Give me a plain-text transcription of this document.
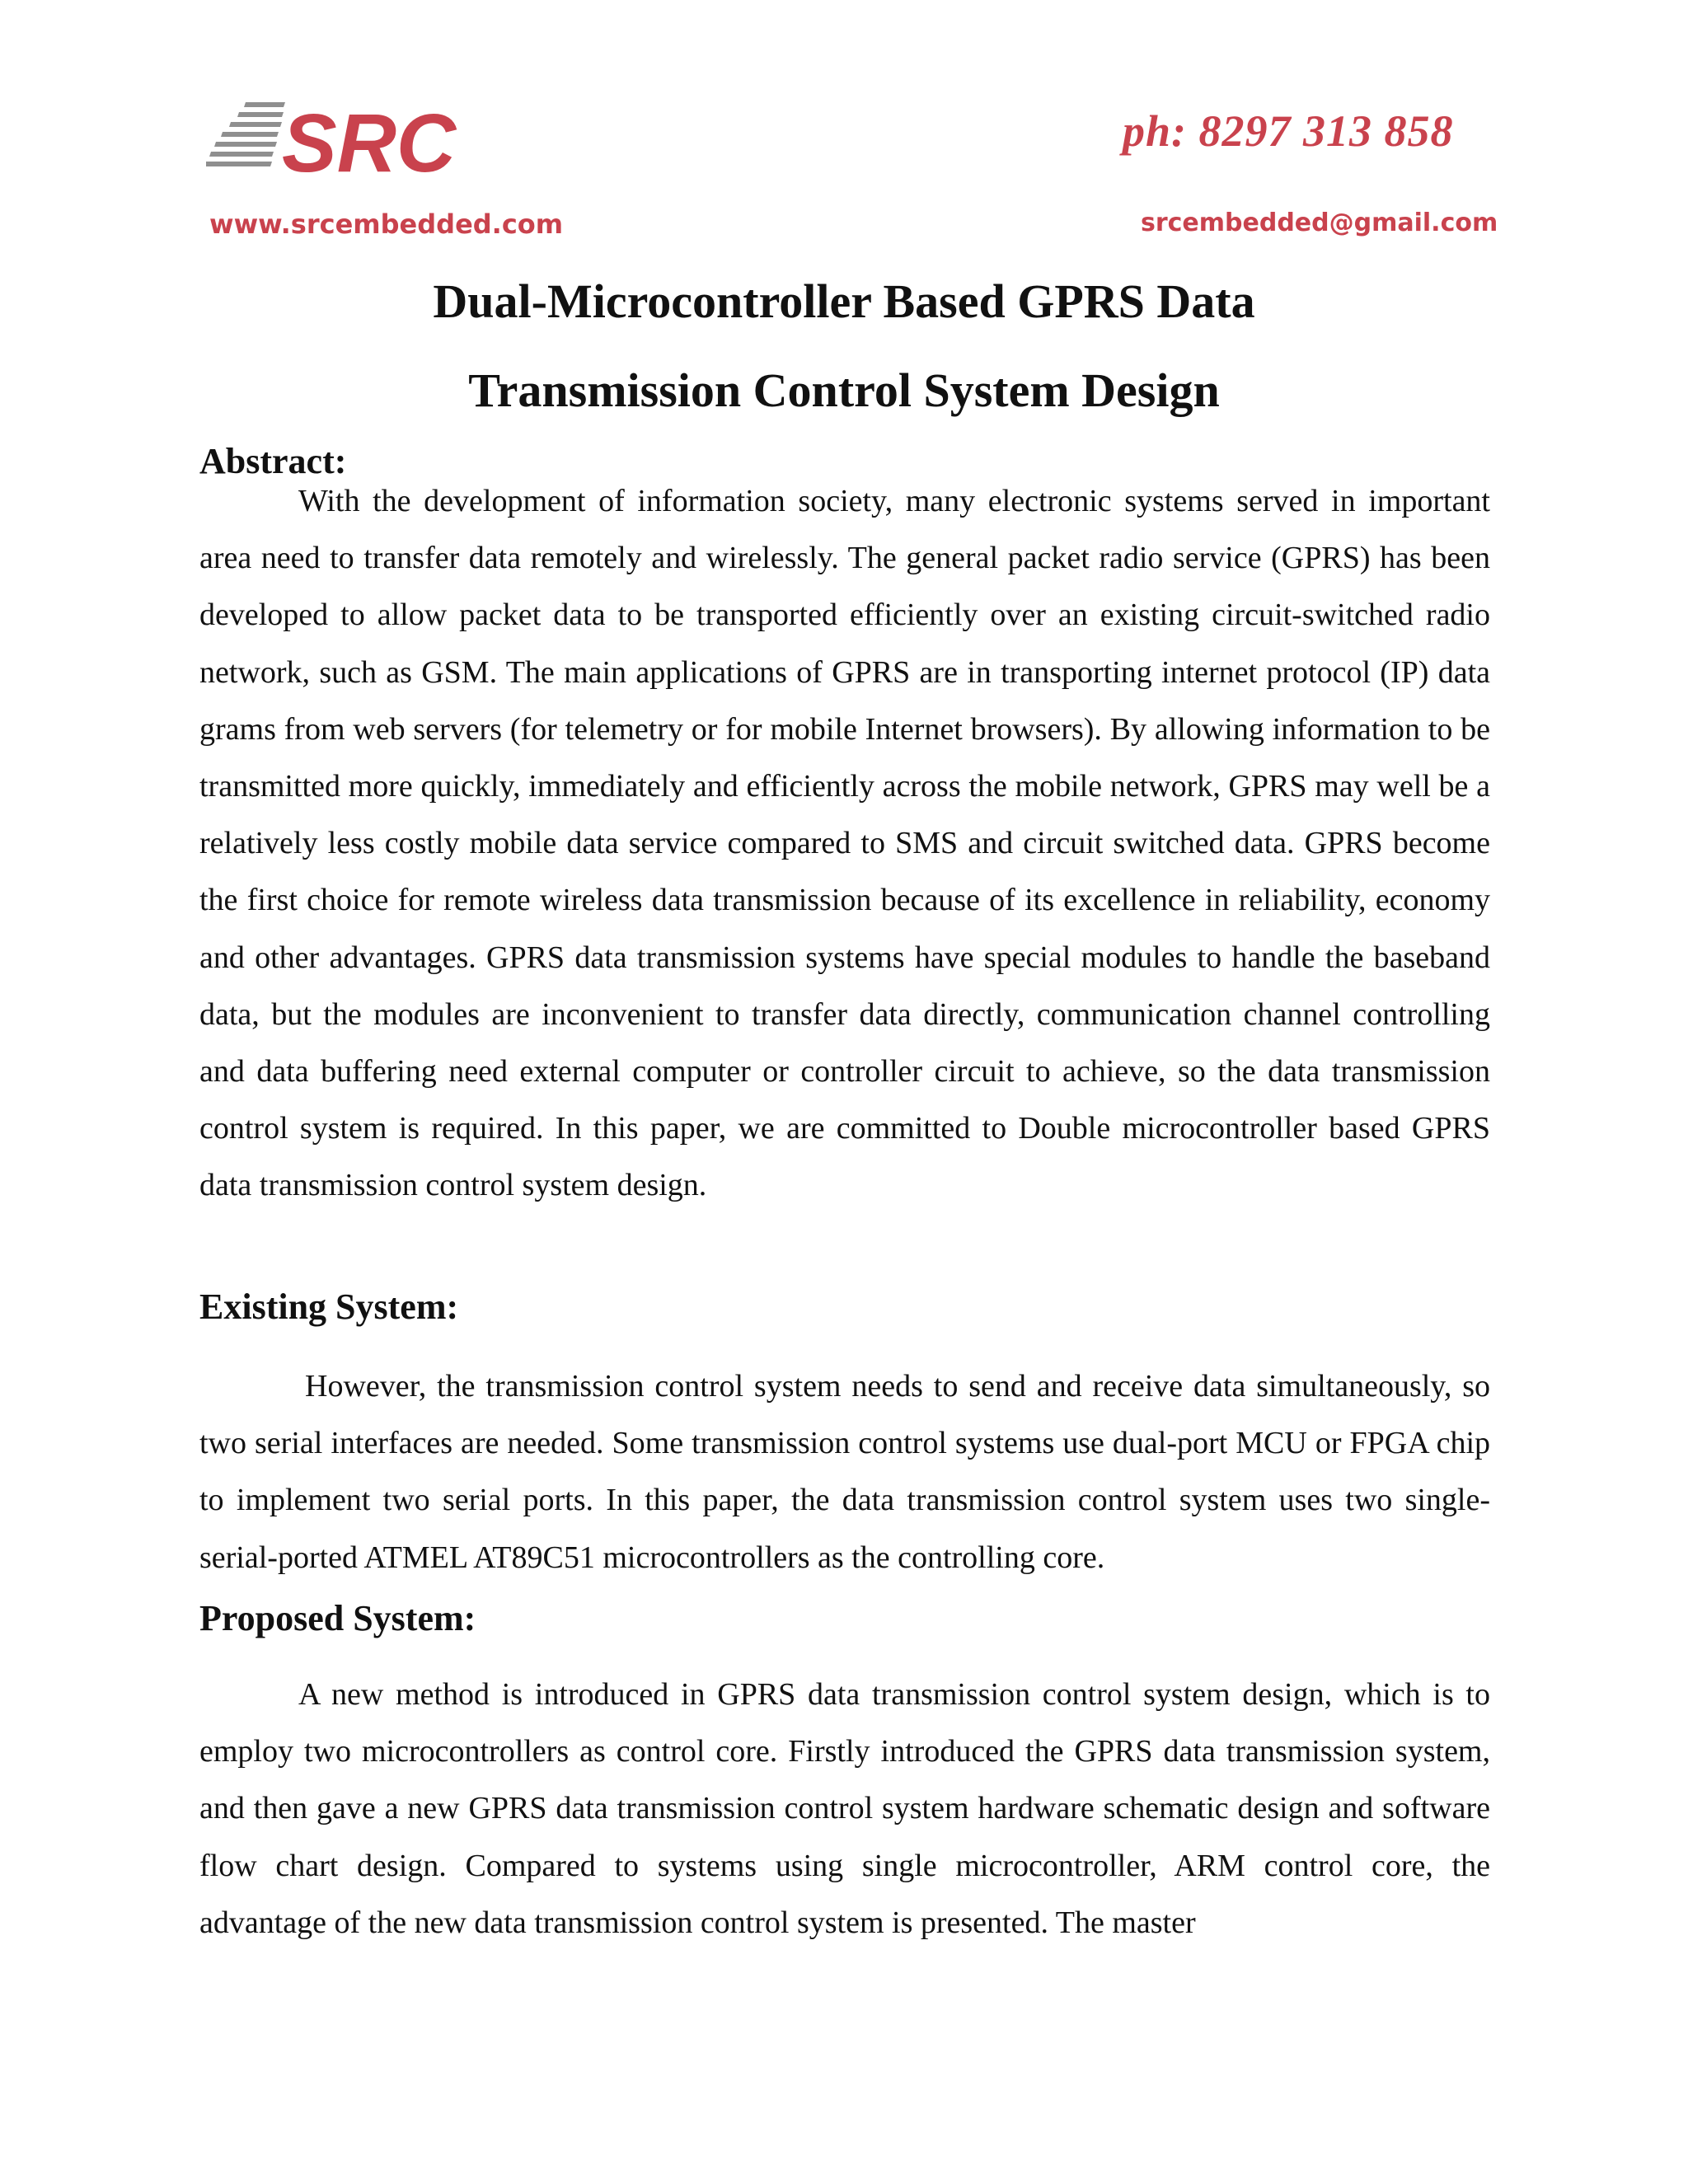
SRC	ph: 8297 313 858
www.srcembedded.com	srcembedded@gmail.com
Dual-Microcontroller Based GPRS Data
Transmission Control System Design
Abstract:

With the development of information society, many electronic systems served in important area need to transfer data remotely and wirelessly. The general packet radio service (GPRS) has been developed to allow packet data to be transported efficiently over an existing circuit-switched radio network, such as GSM. The main applications of GPRS are in transporting internet protocol (IP) data grams from web servers (for telemetry or for mobile Internet browsers). By allowing information to be transmitted more quickly, immediately and efficiently across the mobile network, GPRS may well be a relatively less costly mobile data service compared to SMS and circuit switched data. GPRS become the first choice for remote wireless data transmission because of its excellence in reliability, economy and other advantages. GPRS data transmission systems have special modules to handle the baseband data, but the modules are inconvenient to transfer data directly, communication channel controlling and data buffering need external computer or controller circuit to achieve, so the data transmission control system is required. In this paper, we are committed to Double microcontroller based GPRS data transmission control system design.

Existing System:

However, the transmission control system needs to send and receive data simultaneously, so two serial interfaces are needed. Some transmission control systems use dual-port MCU or FPGA chip to implement two serial ports. In this paper, the data transmission control system uses two single-serial-ported ATMEL AT89C51 microcontrollers as the controlling core.

Proposed System:

A new method is introduced in GPRS data transmission control system design, which is to employ two microcontrollers as control core. Firstly introduced the GPRS data transmission system, and then gave a new GPRS data transmission control system hardware schematic design and software flow chart design. Compared to systems using single microcontroller, ARM control core, the advantage of the new data transmission control system is presented. The master
